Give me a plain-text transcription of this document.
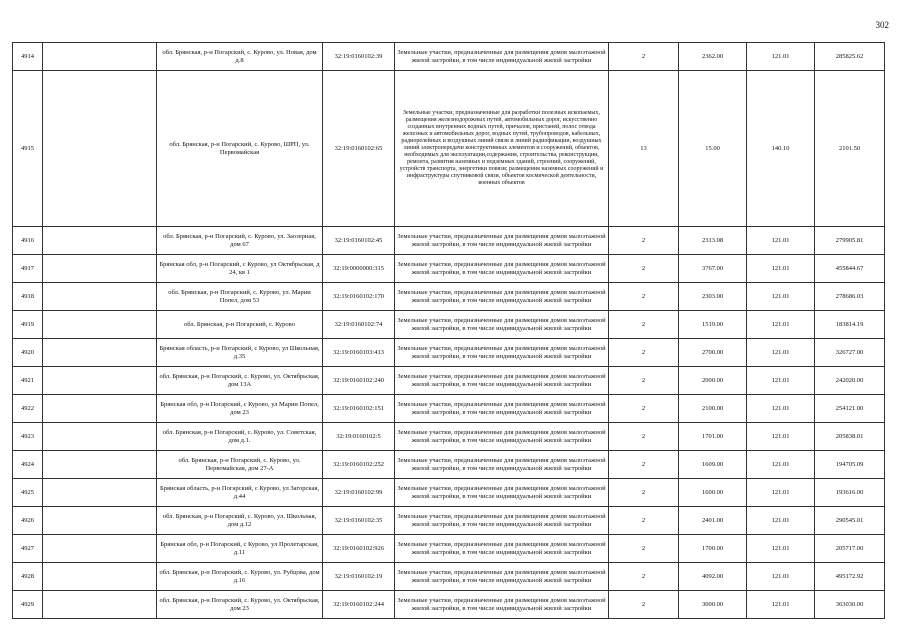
302
4914		обл. Брянская, р-н Погарский, с. Курово, ул. Новая, дом д.8	32:19:0160102:39	Земельные участки, предназначенные для размещения домов малоэтажной жилой застройки, в том числе индивидуальной жилой застройки	2	2362.00	121.01	285825.62
4915		обл. Брянская, р-н Погарский, с. Курово, ШРП, ул. Первомайская	32:19:0160102:65	Земельные участки, предназначенные для разработки полезных ископаемых, размещения железнодорожных путей, автомобильных дорог, искусственно созданных внутренних водных путей, причалов, пристаней, полос отвода железных и автомобильных дорог, водных путей, трубопроводов, кабельных, радиорелейных и воздушных линий связи и линий радиофикации, воздушных линий электропередачи конструктивных элементов и сооружений, объектов, необходимых для эксплуатации,содержания, строительства, реконструкции, ремонта, развития наземных и подземных зданий, строений, сооружений, устройств транспорта, энергетики повязи; размещения наземных сооружений и инфраструктуры спутниковой связи, объектов космической деятельности, военных объектов	13	15.00	140.10	2101.50
4916		обл. Брянская, р-н Погарский, с. Курово, ул. Заозерная, дом 67	32:19:0160102:45	Земельные участки, предназначенные для размещения домов малоэтажной жилой застройки, в том числе индивидуальной жилой застройки	2	2313.08	121.01	279905.81
4917		Брянская обл, р-н Погарский, с Курово, ул Октябрьская, д 24, кв 1	32:19:0000000:315	Земельные участки, предназначенные для размещения домов малоэтажной жилой застройки, в том числе индивидуальной жилой застройки	2	3767.00	121.01	455844.67
4918		обл. Брянская, р-н Погарский, с. Курово, ул. Марии Попел, дом 53	32:19:0160102:170	Земельные участки, предназначенные для размещения домов малоэтажной жилой застройки, в том числе индивидуальной жилой застройки	2	2303.00	121.01	278686.03
4919		обл. Брянская, р-н Погарский, с. Курово	32:19:0160102:74	Земельные участки, предназначенные для размещения домов малоэтажной жилой застройки, в том числе индивидуальной жилой застройки	2	1519.00	121.01	183814.19
4920		Брянская область, р-н Погарский, с Курово, ул Школьная, д.35	32:19:0160103:413	Земельные участки, предназначенные для размещения домов малоэтажной жилой застройки, в том числе индивидуальной жилой застройки	2	2700.00	121.01	326727.00
4921		обл. Брянская, р-н Погарский, с. Курово, ул. Октябрьская, дом 13А	32:19:0160102:240	Земельные участки, предназначенные для размещения домов малоэтажной жилой застройки, в том числе индивидуальной жилой застройки	2	2000.00	121.01	242020.00
4922		Брянская обл, р-н Погарский, с Курово, ул Марии Попел, дом 23	32:19:0160102:151	Земельные участки, предназначенные для размещения домов малоэтажной жилой застройки, в том числе индивидуальной жилой застройки	2	2100.00	121.01	254121.00
4923		обл. Брянская, р-н Погарский, с. Курово, ул. Советская, дом д.1.	32:19:0160102:5	Земельные участки, предназначенные для размещения домов малоэтажной жилой застройки, в том числе индивидуальной жилой застройки	2	1701.00	121.01	205838.01
4924		обл. Брянская, р-н Погарский, с. Курово, ул. Первомайская, дом 27-А	32:19:0160102:252	Земельные участки, предназначенные для размещения домов малоэтажной жилой застройки, в том числе индивидуальной жилой застройки	2	1609.00	121.01	194705.09
4925		Брянская область, р-н Погарский, с Курово, ул Загорская, д.44	32:19:0160102:99	Земельные участки, предназначенные для размещения домов малоэтажной жилой застройки, в том числе индивидуальной жилой застройки	2	1600.00	121.01	193616.00
4926		обл. Брянская, р-н Погарский, с. Курово, ул. Школьная, дом д.12	32:19:0160102:35	Земельные участки, предназначенные для размещения домов малоэтажной жилой застройки, в том числе индивидуальной жилой застройки	2	2401.00	121.01	290545.01
4927		Брянская обл, р-н Погарский, с Курово, ул Пролетарская, д.11	32:19:0160102:926	Земельные участки, предназначенные для размещения домов малоэтажной жилой застройки, в том числе индивидуальной жилой застройки	2	1700.00	121.01	205717.00
4928		обл. Брянская, р-н Погарский, с. Курово, ул. Рубцова, дом д.16	32:19:0160102:19	Земельные участки, предназначенные для размещения домов малоэтажной жилой застройки, в том числе индивидуальной жилой застройки	2	4092.00	121.01	495172.92
4929		обл. Брянская, р-н Погарский, с. Курово, ул. Октябрьская, дом 23	32:19:0160102:244	Земельные участки, предназначенные для размещения домов малоэтажной жилой застройки, в том числе индивидуальной жилой застройки	2	3000.00	121.01	363030.00
